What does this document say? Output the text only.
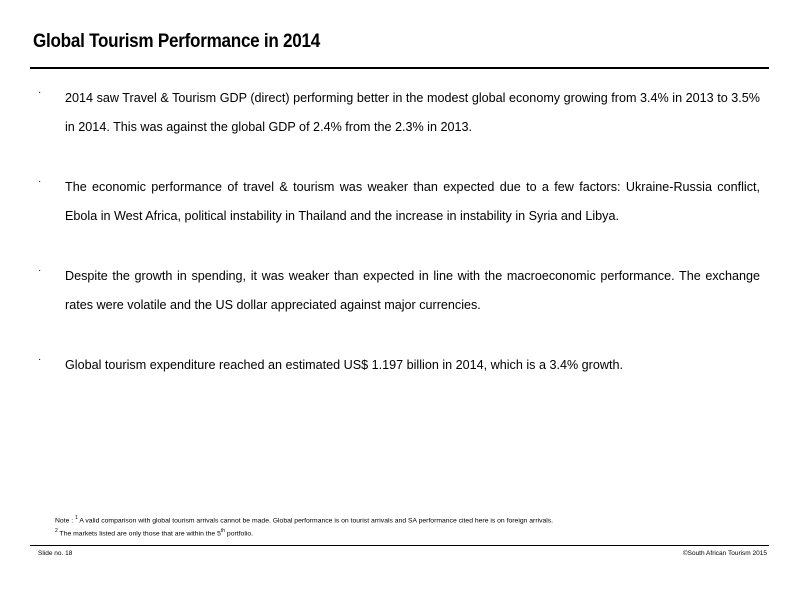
Global Tourism Performance in 2014
· 2014 saw Travel & Tourism GDP (direct) performing better in the modest global economy growing from 3.4% in 2013 to 3.5% in 2014. This was against the global GDP of 2.4% from the 2.3% in 2013.
· The economic performance of travel & tourism was weaker than expected due to a few factors: Ukraine-Russia conflict, Ebola in West Africa, political instability in Thailand and the increase in instability in Syria and Libya.
· Despite the growth in spending, it was weaker than expected in line with the macroeconomic performance. The exchange rates were volatile and the US dollar appreciated against major currencies.
· Global tourism expenditure reached an estimated US$ 1.197 billion in 2014, which is a 3.4% growth.
Note : $^1$ A valid comparison with global tourism arrivals cannot be made. Global performance is on tourist arrivals and SA performance cited here is on foreign arrivals.
$^2$ The markets listed are only those that are within the 5th portfolio.
Slide no. 18	©South African Tourism 2015
